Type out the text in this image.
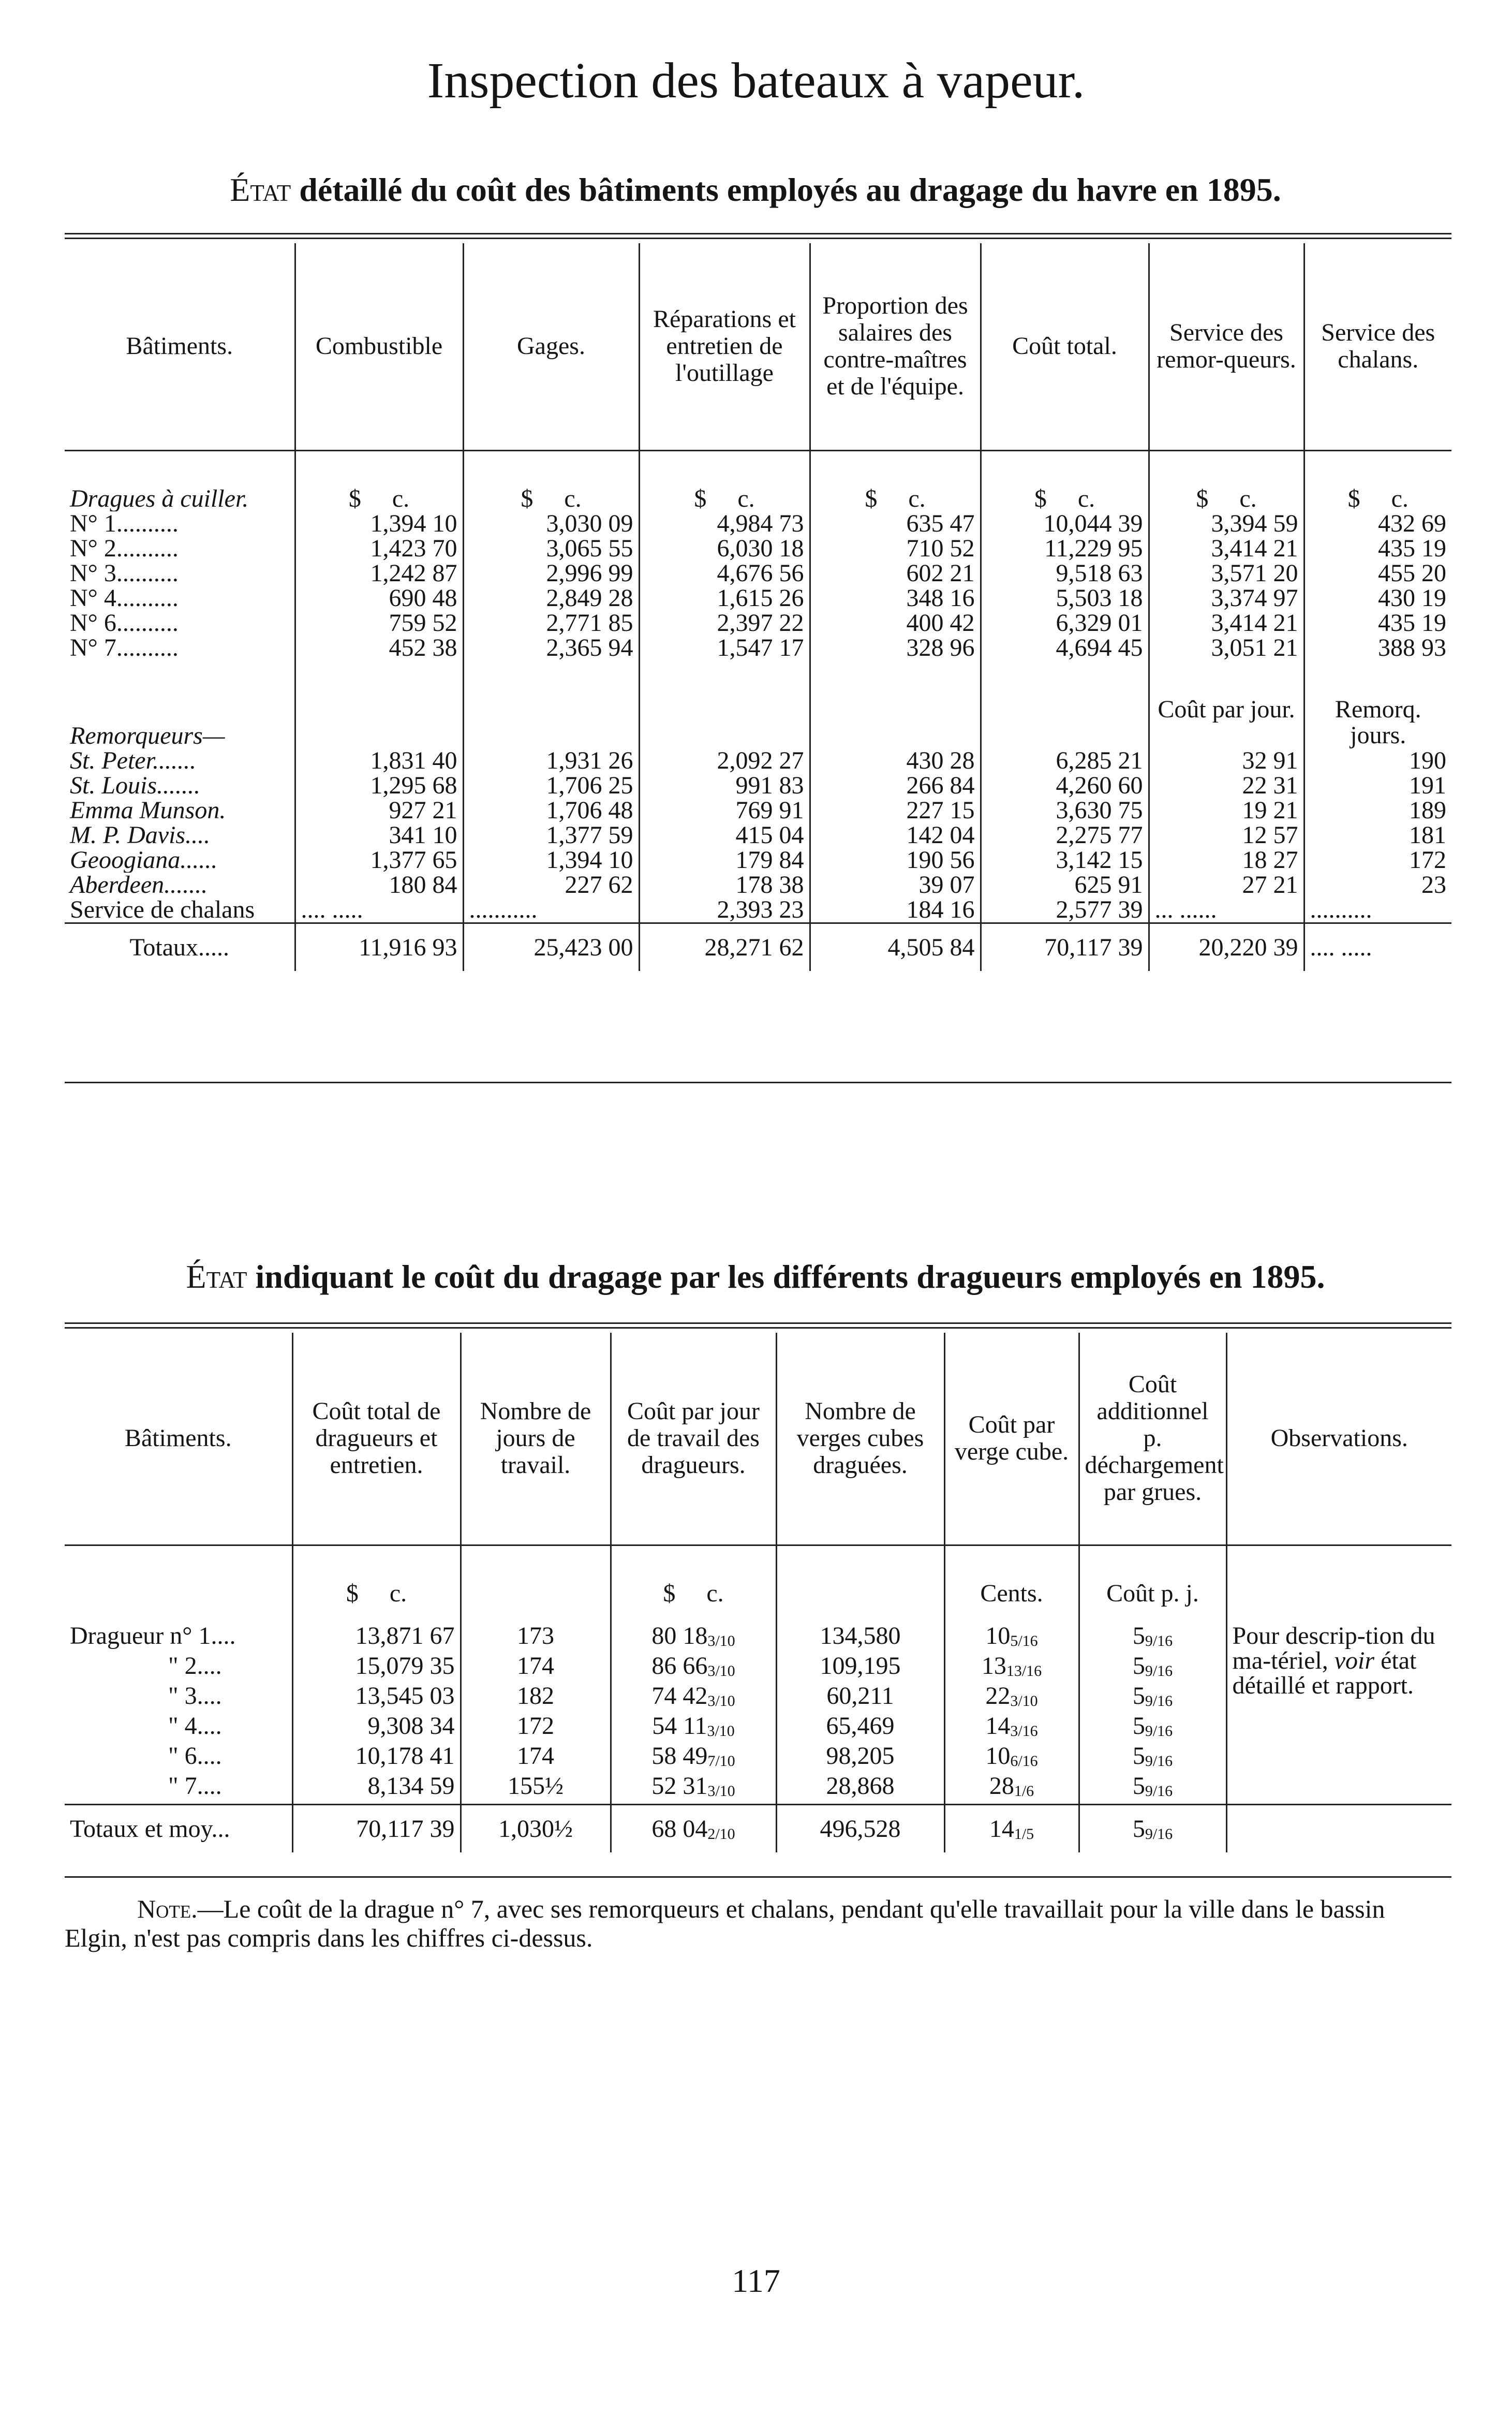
Inspection des bateaux à vapeur.

État détaillé du coût des bâtiments employés au dragage du havre en 1895.

Bâtiments.	Combustible	Gages.	Réparations et entretien de l'outillage	Proportion des salaires des contre-maîtres et de l'équipe.	Coût total.	Service des remor-queurs.	Service des chalans.

Dragues à cuiller.	$ c.	$ c.	$ c.	$ c.	$ c.	$ c.	$ c.
N° 1..........	1,394 10	3,030 09	4,984 73	635 47	10,044 39	3,394 59	432 69
N° 2..........	1,423 70	3,065 55	6,030 18	710 52	11,229 95	3,414 21	435 19
N° 3..........	1,242 87	2,996 99	4,676 56	602 21	9,518 63	3,571 20	455 20
N° 4..........	690 48	2,849 28	1,615 26	348 16	5,503 18	3,374 97	430 19
N° 6..........	759 52	2,771 85	2,397 22	400 42	6,329 01	3,414 21	435 19
N° 7..........	452 38	2,365 94	1,547 17	328 96	4,694 45	3,051 21	388 93

Remorqueurs—						Coût par jour.	Remorq. jours.
St. Peter.......	1,831 40	1,931 26	2,092 27	430 28	6,285 21	32 91	190
St. Louis.......	1,295 68	1,706 25	991 83	266 84	4,260 60	22 31	191
Emma Munson.	927 21	1,706 48	769 91	227 15	3,630 75	19 21	189
M. P. Davis....	341 10	1,377 59	415 04	142 04	2,275 77	12 57	181
Geoogiana......	1,377 65	1,394 10	179 84	190 56	3,142 15	18 27	172
Aberdeen.......	180 84	227 62	178 38	39 07	625 91	27 21	23
Service de chalans	.... .....	...........	2,393 23	184 16	2,577 39	... ......	..........
Totaux.....	11,916 93	25,423 00	28,271 62	4,505 84	70,117 39	20,220 39	.... .....

État indiquant le coût du dragage par les différents dragueurs employés en 1895.

Bâtiments.	Coût total de dragueurs et entretien.	Nombre de jours de travail.	Coût par jour de travail des dragueurs.	Nombre de verges cubes draguées.	Coût par verge cube.	Coût additionnel p. déchargement par grues.	Observations.

	$ c.		$ c.		Cents.	Coût p. j.	

Dragueur n° 1....	13,871 67	173	80 183/10	134,580	105/16	59/16	Pour descrip-tion du ma-tériel, voir état détaillé et rapport.
" 2....	15,079 35	174	86 663/10	109,195	1313/16	59/16	
" 3....	13,545 03	182	74 423/10	60,211	223/10	59/16	
" 4....	9,308 34	172	54 113/10	65,469	143/16	59/16	
" 6....	10,178 41	174	58 497/10	98,205	106/16	59/16	
" 7....	8,134 59	155½	52 313/10	28,868	281/6	59/16	
Totaux et moy...	70,117 39	1,030½	68 042/10	496,528	141/5	59/16	

Note.—Le coût de la drague n° 7, avec ses remorqueurs et chalans, pendant qu'elle travaillait pour la ville dans le bassin Elgin, n'est pas compris dans les chiffres ci-dessus.

117
